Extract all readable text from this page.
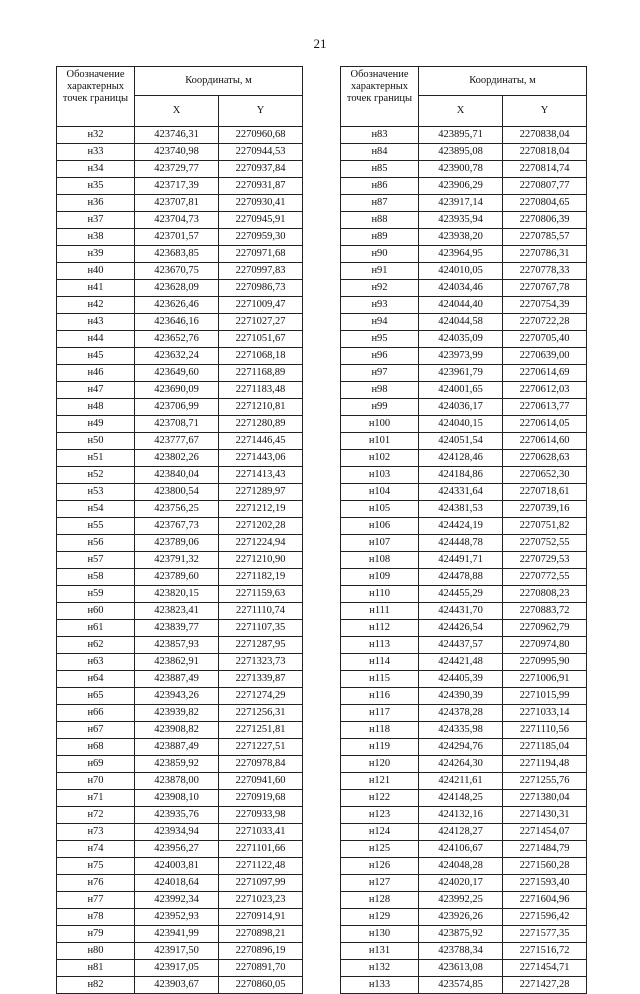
21
Обозначение характерных точек границы	Координаты, м	
	X	Y
н32	423746,31	2270960,68
н33	423740,98	2270944,53
н34	423729,77	2270937,84
н35	423717,39	2270931,87
н36	423707,81	2270930,41
н37	423704,73	2270945,91
н38	423701,57	2270959,30
н39	423683,85	2270971,68
н40	423670,75	2270997,83
н41	423628,09	2270986,73
н42	423626,46	2271009,47
н43	423646,16	2271027,27
н44	423652,76	2271051,67
н45	423632,24	2271068,18
н46	423649,60	2271168,89
н47	423690,09	2271183,48
н48	423706,99	2271210,81
н49	423708,71	2271280,89
н50	423777,67	2271446,45
н51	423802,26	2271443,06
н52	423840,04	2271413,43
н53	423800,54	2271289,97
н54	423756,25	2271212,19
н55	423767,73	2271202,28
н56	423789,06	2271224,94
н57	423791,32	2271210,90
н58	423789,60	2271182,19
н59	423820,15	2271159,63
н60	423823,41	2271110,74
н61	423839,77	2271107,35
н62	423857,93	2271287,95
н63	423862,91	2271323,73
н64	423887,49	2271339,87
н65	423943,26	2271274,29
н66	423939,82	2271256,31
н67	423908,82	2271251,81
н68	423887,49	2271227,51
н69	423859,92	2270978,84
н70	423878,00	2270941,60
н71	423908,10	2270919,68
н72	423935,76	2270933,98
н73	423934,94	2271033,41
н74	423956,27	2271101,66
н75	424003,81	2271122,48
н76	424018,64	2271097,99
н77	423992,34	2271023,23
н78	423952,93	2270914,91
н79	423941,99	2270898,21
н80	423917,50	2270896,19
н81	423917,05	2270891,70
н82	423903,67	2270860,05
Обозначение характерных точек границы	Координаты, м	
	X	Y
н83	423895,71	2270838,04
н84	423895,08	2270818,04
н85	423900,78	2270814,74
н86	423906,29	2270807,77
н87	423917,14	2270804,65
н88	423935,94	2270806,39
н89	423938,20	2270785,57
н90	423964,95	2270786,31
н91	424010,05	2270778,33
н92	424034,46	2270767,78
н93	424044,40	2270754,39
н94	424044,58	2270722,28
н95	424035,09	2270705,40
н96	423973,99	2270639,00
н97	423961,79	2270614,69
н98	424001,65	2270612,03
н99	424036,17	2270613,77
н100	424040,15	2270614,05
н101	424051,54	2270614,60
н102	424128,46	2270628,63
н103	424184,86	2270652,30
н104	424331,64	2270718,61
н105	424381,53	2270739,16
н106	424424,19	2270751,82
н107	424448,78	2270752,55
н108	424491,71	2270729,53
н109	424478,88	2270772,55
н110	424455,29	2270808,23
н111	424431,70	2270883,72
н112	424426,54	2270962,79
н113	424437,57	2270974,80
н114	424421,48	2270995,90
н115	424405,39	2271006,91
н116	424390,39	2271015,99
н117	424378,28	2271033,14
н118	424335,98	2271110,56
н119	424294,76	2271185,04
н120	424264,30	2271194,48
н121	424211,61	2271255,76
н122	424148,25	2271380,04
н123	424132,16	2271430,31
н124	424128,27	2271454,07
н125	424106,67	2271484,79
н126	424048,28	2271560,28
н127	424020,17	2271593,40
н128	423992,25	2271604,96
н129	423926,26	2271596,42
н130	423875,92	2271577,35
н131	423788,34	2271516,72
н132	423613,08	2271454,71
н133	423574,85	2271427,28
